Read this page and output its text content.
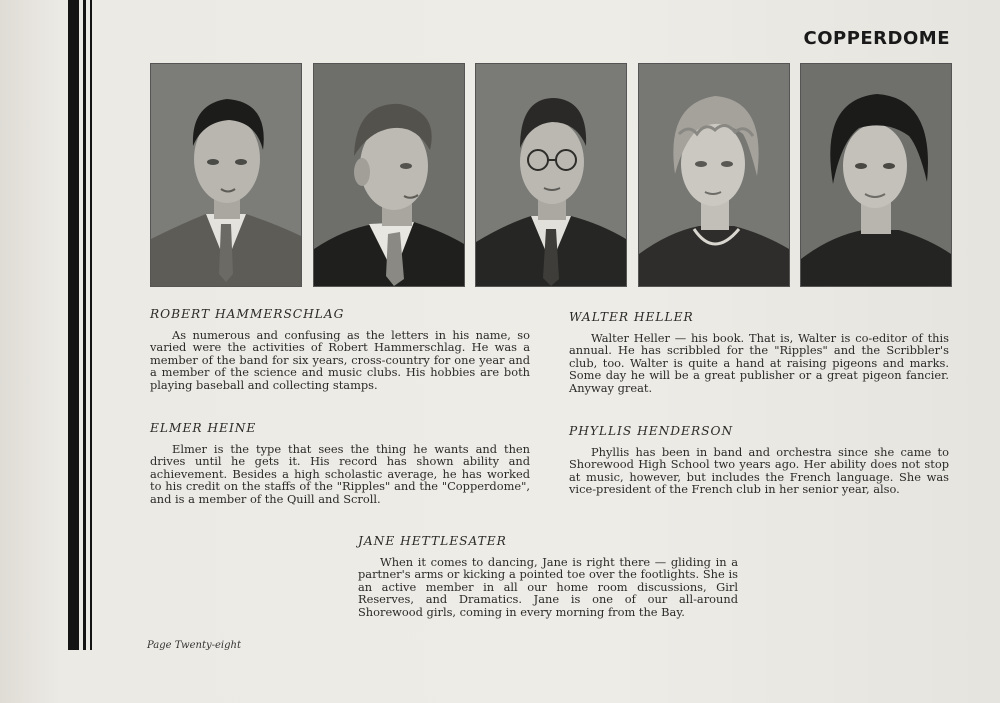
COPPERDOME
ROBERT HAMMERSCHLAG
As numerous and confusing as the letters in his name, so varied were the activities of Robert Hammerschlag. He was a member of the band for six years, cross-country for one year and a member of the science and music clubs. His hobbies are both playing baseball and collecting stamps.
WALTER HELLER
Walter Heller — his book. That is, Walter is co-editor of this annual. He has scribbled for the "Ripples" and the Scribbler's club, too. Walter is quite a hand at raising pigeons and marks. Some day he will be a great publisher or a great pigeon fancier. Anyway great.
ELMER HEINE
Elmer is the type that sees the thing he wants and then drives until he gets it. His record has shown ability and achievement. Besides a high scholastic average, he has worked to his credit on the staffs of the "Ripples" and the "Copperdome", and is a member of the Quill and Scroll.
PHYLLIS HENDERSON
Phyllis has been in band and orchestra since she came to Shorewood High School two years ago. Her ability does not stop at music, however, but includes the French language. She was vice-president of the French club in her senior year, also.
JANE HETTLESATER
When it comes to dancing, Jane is right there — gliding in a partner's arms or kicking a pointed toe over the footlights. She is an active member in all our home room discussions, Girl Reserves, and Dramatics. Jane is one of our all-around Shorewood girls, coming in every morning from the Bay.
Page Twenty-eight
